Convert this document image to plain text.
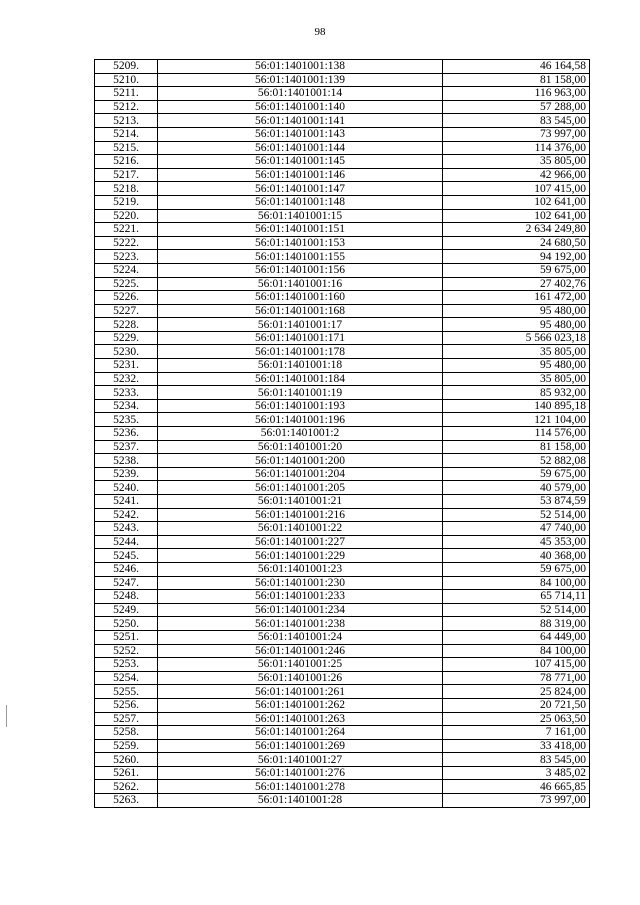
98
5209.	56:01:1401001:138	46 164,58
5210.	56:01:1401001:139	81 158,00
5211.	56:01:1401001:14	116 963,00
5212.	56:01:1401001:140	57 288,00
5213.	56:01:1401001:141	83 545,00
5214.	56:01:1401001:143	73 997,00
5215.	56:01:1401001:144	114 376,00
5216.	56:01:1401001:145	35 805,00
5217.	56:01:1401001:146	42 966,00
5218.	56:01:1401001:147	107 415,00
5219.	56:01:1401001:148	102 641,00
5220.	56:01:1401001:15	102 641,00
5221.	56:01:1401001:151	2 634 249,80
5222.	56:01:1401001:153	24 680,50
5223.	56:01:1401001:155	94 192,00
5224.	56:01:1401001:156	59 675,00
5225.	56:01:1401001:16	27 402,76
5226.	56:01:1401001:160	161 472,00
5227.	56:01:1401001:168	95 480,00
5228.	56:01:1401001:17	95 480,00
5229.	56:01:1401001:171	5 566 023,18
5230.	56:01:1401001:178	35 805,00
5231.	56:01:1401001:18	95 480,00
5232.	56:01:1401001:184	35 805,00
5233.	56:01:1401001:19	85 932,00
5234.	56:01:1401001:193	140 895,18
5235.	56:01:1401001:196	121 104,00
5236.	56:01:1401001:2	114 576,00
5237.	56:01:1401001:20	81 158,00
5238.	56:01:1401001:200	52 882,08
5239.	56:01:1401001:204	59 675,00
5240.	56:01:1401001:205	40 579,00
5241.	56:01:1401001:21	53 874,59
5242.	56:01:1401001:216	52 514,00
5243.	56:01:1401001:22	47 740,00
5244.	56:01:1401001:227	45 353,00
5245.	56:01:1401001:229	40 368,00
5246.	56:01:1401001:23	59 675,00
5247.	56:01:1401001:230	84 100,00
5248.	56:01:1401001:233	65 714,11
5249.	56:01:1401001:234	52 514,00
5250.	56:01:1401001:238	88 319,00
5251.	56:01:1401001:24	64 449,00
5252.	56:01:1401001:246	84 100,00
5253.	56:01:1401001:25	107 415,00
5254.	56:01:1401001:26	78 771,00
5255.	56:01:1401001:261	25 824,00
5256.	56:01:1401001:262	20 721,50
5257.	56:01:1401001:263	25 063,50
5258.	56:01:1401001:264	7 161,00
5259.	56:01:1401001:269	33 418,00
5260.	56:01:1401001:27	83 545,00
5261.	56:01:1401001:276	3 485,02
5262.	56:01:1401001:278	46 665,85
5263.	56:01:1401001:28	73 997,00
